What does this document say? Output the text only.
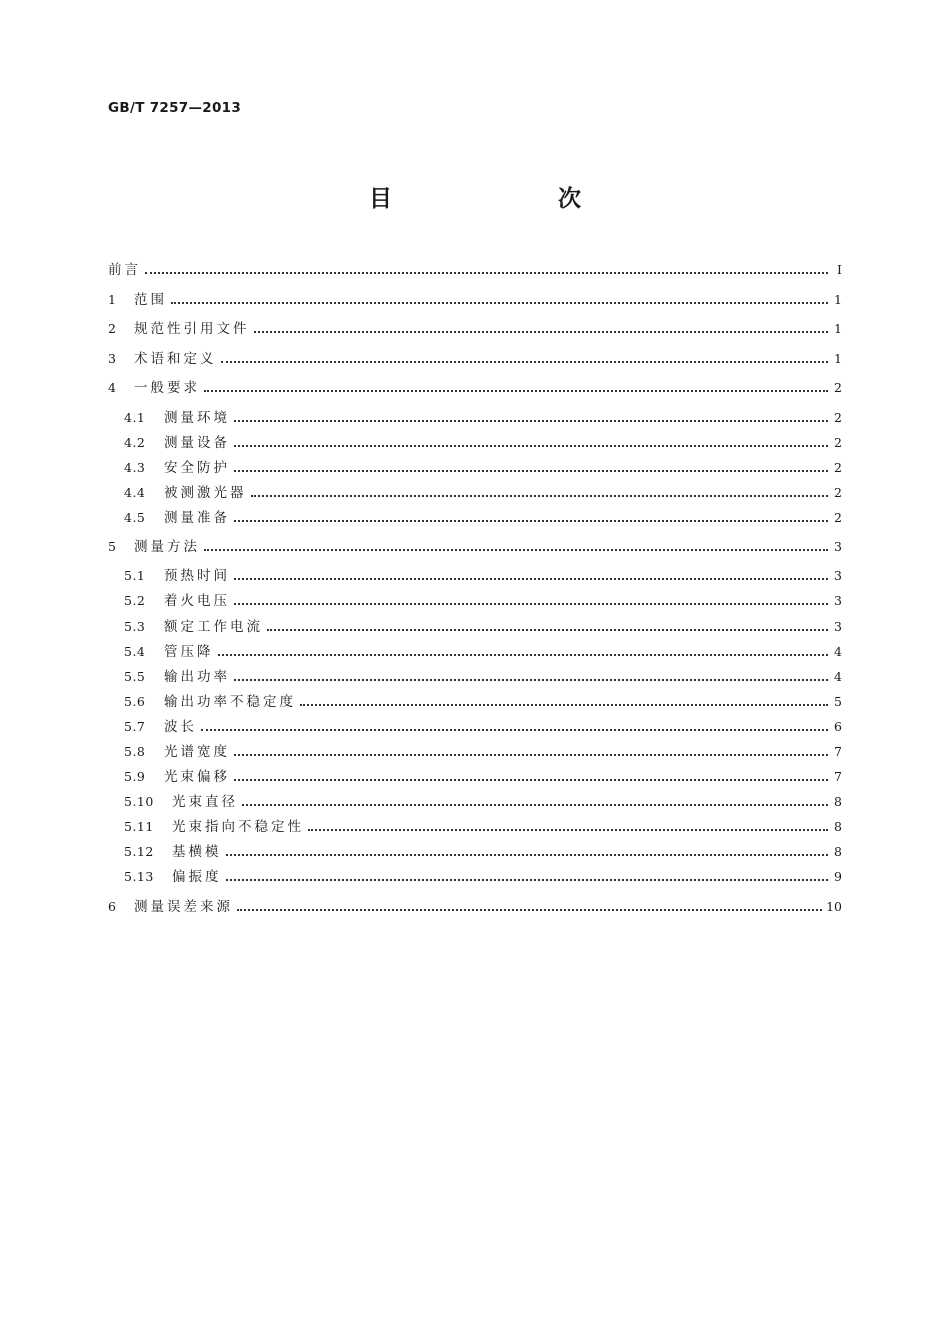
GB/T 7257—2013
目　　次
前言	Ⅰ
1	范围	1
2	规范性引用文件	1
3	术语和定义	1
4	一般要求	2
4.1	测量环境	2
4.2	测量设备	2
4.3	安全防护	2
4.4	被测激光器	2
4.5	测量准备	2
5	测量方法	3
5.1	预热时间	3
5.2	着火电压	3
5.3	额定工作电流	3
5.4	管压降	4
5.5	输出功率	4
5.6	输出功率不稳定度	5
5.7	波长	6
5.8	光谱宽度	7
5.9	光束偏移	7
5.10	光束直径	8
5.11	光束指向不稳定性	8
5.12	基横模	8
5.13	偏振度	9
6	测量误差来源	10
